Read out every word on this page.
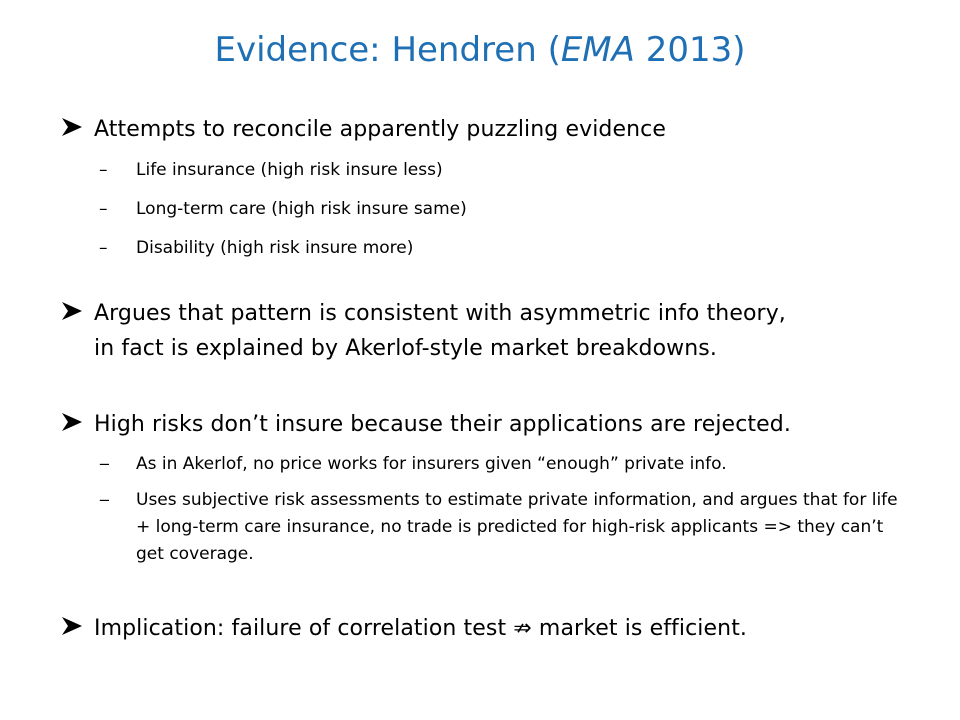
Evidence: Hendren (EMA 2013)
Attempts to reconcile apparently puzzling evidence
– Life insurance (high risk insure less)
– Long-term care (high risk insure same)
– Disability (high risk insure more)
Argues that pattern is consistent with asymmetric info theory,
in fact is explained by Akerlof-style market breakdowns.
High risks don’t insure because their applications are rejected.
‒ As in Akerlof, no price works for insurers given “enough” private info.
‒ Uses subjective risk assessments to estimate private information, and argues that for life + long-term care insurance, no trade is predicted for high-risk applicants => they can’t get coverage.
Implication: failure of correlation test ⇏ market is efficient.
